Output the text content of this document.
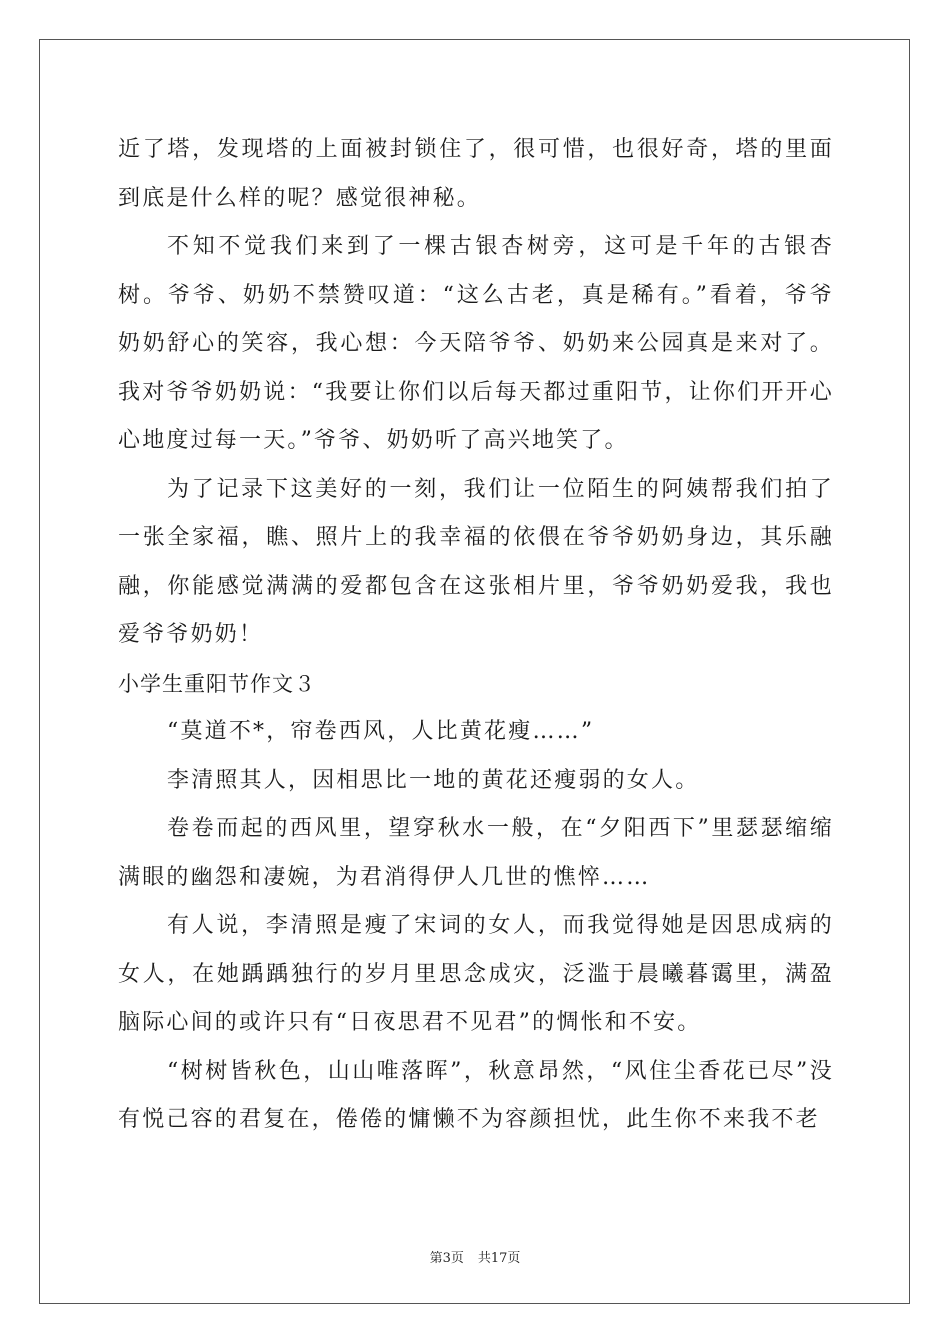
近了塔，发现塔的上面被封锁住了，很可惜，也很好奇，塔的里面到底是什么样的呢？感觉很神秘。

不知不觉我们来到了一棵古银杏树旁，这可是千年的古银杏树。爷爷、奶奶不禁赞叹道：“这么古老，真是稀有。”看着，爷爷奶奶舒心的笑容，我心想：今天陪爷爷、奶奶来公园真是来对了。我对爷爷奶奶说：“我要让你们以后每天都过重阳节，让你们开开心心地度过每一天。”爷爷、奶奶听了高兴地笑了。

为了记录下这美好的一刻，我们让一位陌生的阿姨帮我们拍了一张全家福，瞧、照片上的我幸福的依偎在爷爷奶奶身边，其乐融融，你能感觉满满的爱都包含在这张相片里，爷爷奶奶爱我，我也爱爷爷奶奶！

小学生重阳节作文３

“莫道不*，帘卷西风，人比黄花瘦……”

李清照其人，因相思比一地的黄花还瘦弱的女人。

卷卷而起的西风里，望穿秋水一般，在“夕阳西下”里瑟瑟缩缩满眼的幽怨和凄婉，为君消得伊人几世的憔悴……

有人说，李清照是瘦了宋词的女人，而我觉得她是因思成病的女人，在她踽踽独行的岁月里思念成灾，泛滥于晨曦暮霭里，满盈脑际心间的或许只有“日夜思君不见君”的惆怅和不安。

“树树皆秋色，山山唯落晖”，秋意昂然，“风住尘香花已尽”没有悦己容的君复在，倦倦的慵懒不为容颜担忧，此生你不来我不老

第3页 共17页
